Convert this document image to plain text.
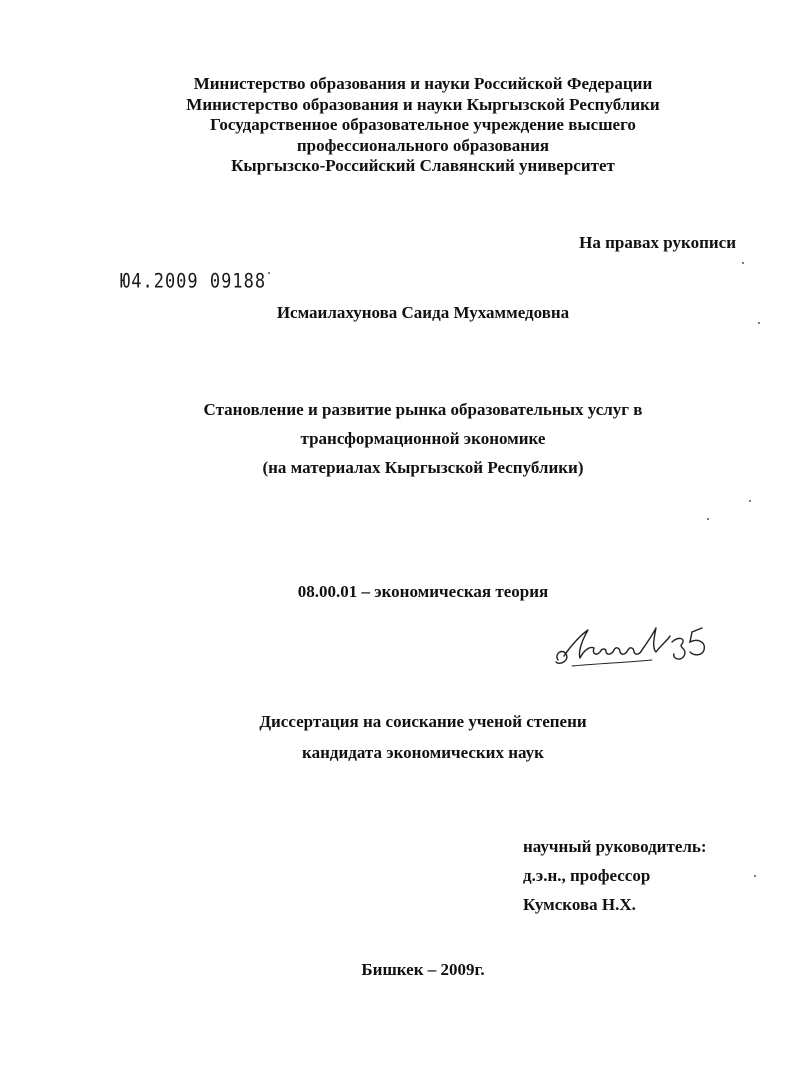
Министерство образования и науки Российской Федерации
Министерство образования и науки Кыргызской Республики
Государственное образовательное учреждение высшего
профессионального образования
Кыргызско-Российский Славянский университет
На правах рукописи
Ю4.2009 09188
Исмаилахунова Саида Мухаммедовна
Становление и развитие рынка образовательных услуг в
трансформационной экономике
(на материалах Кыргызской Республики)
08.00.01 – экономическая теория
Диссертация на соискание ученой степени
кандидата экономических наук
научный руководитель:
д.э.н., профессор
Кумскова Н.Х.
Бишкек – 2009г.
